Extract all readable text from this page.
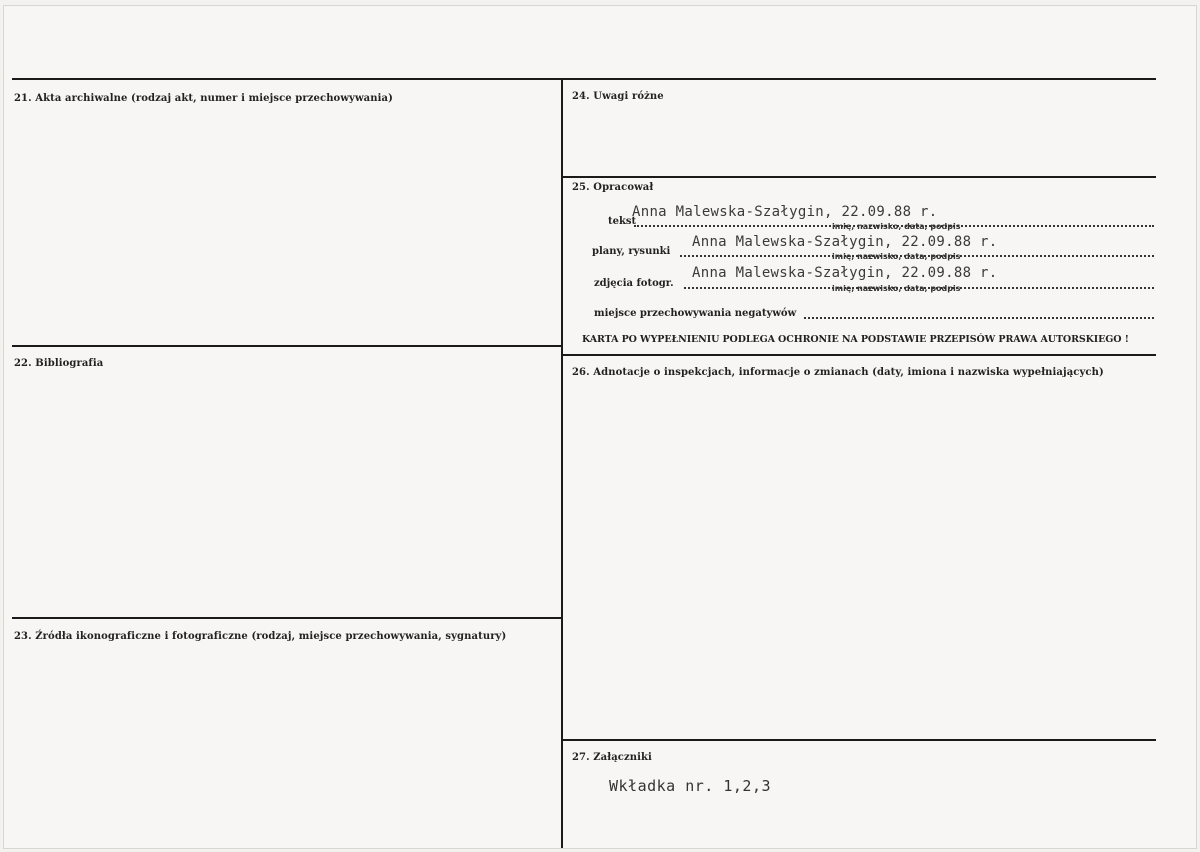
21. Akta archiwalne (rodzaj akt, numer i miejsce przechowywania)
22. Bibliografia
23. Źródła ikonograficzne i fotograficzne (rodzaj, miejsce przechowywania, sygnatury)
24. Uwagi różne
25. Opracował
26. Adnotacje o inspekcjach, informacje o zmianach (daty, imiona i nazwiska wypełniających)
27. Załączniki
tekst
Anna Malewska-Szałygin, 22.09.88 r.
imię, nazwisko, data, podpis
plany, rysunki
Anna Malewska-Szałygin, 22.09.88 r.
imię, nazwisko, data, podpis
zdjęcia fotogr.
Anna Malewska-Szałygin, 22.09.88 r.
imię, nazwisko, data, podpis
miejsce przechowywania negatywów
KARTA PO WYPEŁNIENIU PODLEGA OCHRONIE NA PODSTAWIE PRZEPISÓW PRAWA AUTORSKIEGO !
Wkładka nr. 1,2,3
